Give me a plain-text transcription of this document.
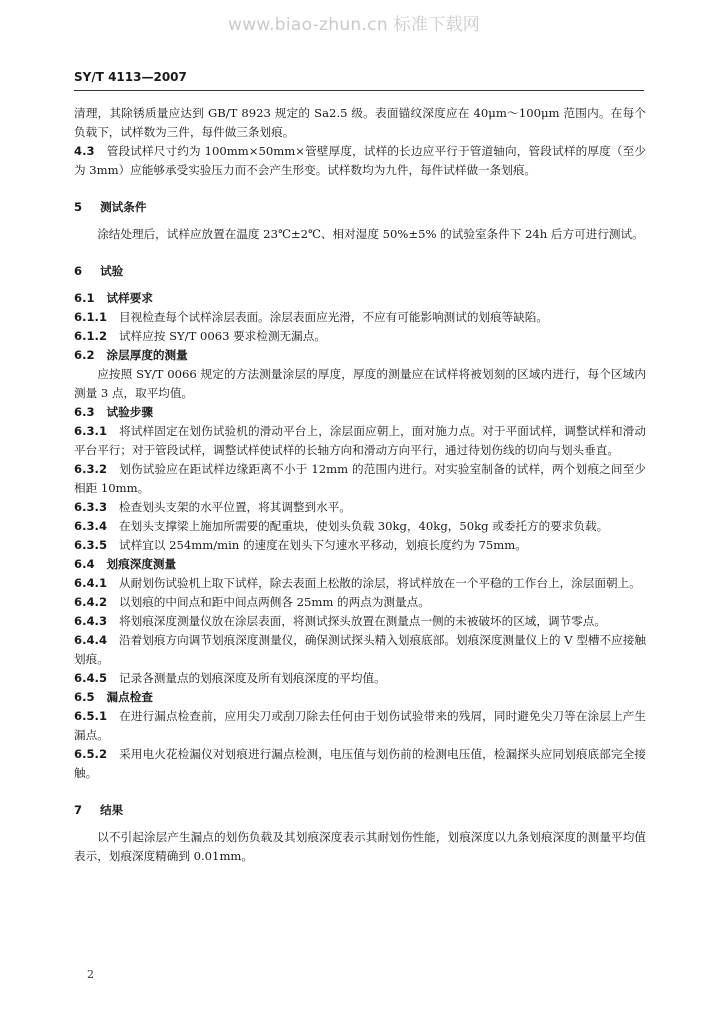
www.biao-zhun.cn 标准下载网
SY/T 4113—2007

清理，其除锈质量应达到 GB/T 8923 规定的 Sa2.5 级。表面锚纹深度应在 40μm～100μm 范围内。在每个负载下，试样数为三件，每件做三条划痕。

4.3 管段试样尺寸约为 100mm×50mm×管壁厚度，试样的长边应平行于管道轴向，管段试样的厚度（至少为 3mm）应能够承受实验压力而不会产生形变。试样数均为九件，每件试样做一条划痕。

5 测试条件

涂结处理后，试样应放置在温度 23℃±2℃、相对湿度 50%±5% 的试验室条件下 24h 后方可进行测试。

6 试验

6.1 试样要求

6.1.1 目视检查每个试样涂层表面。涂层表面应光滑，不应有可能影响测试的划痕等缺陷。

6.1.2 试样应按 SY/T 0063 要求检测无漏点。

6.2 涂层厚度的测量

应按照 SY/T 0066 规定的方法测量涂层的厚度，厚度的测量应在试样将被划刻的区域内进行，每个区域内测量 3 点，取平均值。

6.3 试验步骤

6.3.1 将试样固定在划伤试验机的滑动平台上，涂层面应朝上，面对施力点。对于平面试样，调整试样和滑动平台平行；对于管段试样，调整试样使试样的长轴方向和滑动方向平行，通过待划伤线的切向与划头垂直。

6.3.2 划伤试验应在距试样边缘距离不小于 12mm 的范围内进行。对实验室制备的试样，两个划痕之间至少相距 10mm。

6.3.3 检查划头支架的水平位置，将其调整到水平。

6.3.4 在划头支撑梁上施加所需要的配重块，使划头负载 30kg，40kg，50kg 或委托方的要求负载。

6.3.5 试样宜以 254mm/min 的速度在划头下匀速水平移动，划痕长度约为 75mm。

6.4 划痕深度测量

6.4.1 从耐划伤试验机上取下试样，除去表面上松散的涂层，将试样放在一个平稳的工作台上，涂层面朝上。

6.4.2 以划痕的中间点和距中间点两侧各 25mm 的两点为测量点。

6.4.3 将划痕深度测量仪放在涂层表面，将测试探头放置在测量点一侧的未被破坏的区域，调节零点。

6.4.4 沿着划痕方向调节划痕深度测量仪，确保测试探头精入划痕底部。划痕深度测量仪上的 V 型槽不应接触划痕。

6.4.5 记录各测量点的划痕深度及所有划痕深度的平均值。

6.5 漏点检查

6.5.1 在进行漏点检查前，应用尖刀或刮刀除去任何由于划伤试验带来的残屑，同时避免尖刀等在涂层上产生漏点。

6.5.2 采用电火花检漏仪对划痕进行漏点检测，电压值与划伤前的检测电压值，检漏探头应同划痕底部完全接触。

7 结果

以不引起涂层产生漏点的划伤负载及其划痕深度表示其耐划伤性能，划痕深度以九条划痕深度的测量平均值表示，划痕深度精确到 0.01mm。

2
